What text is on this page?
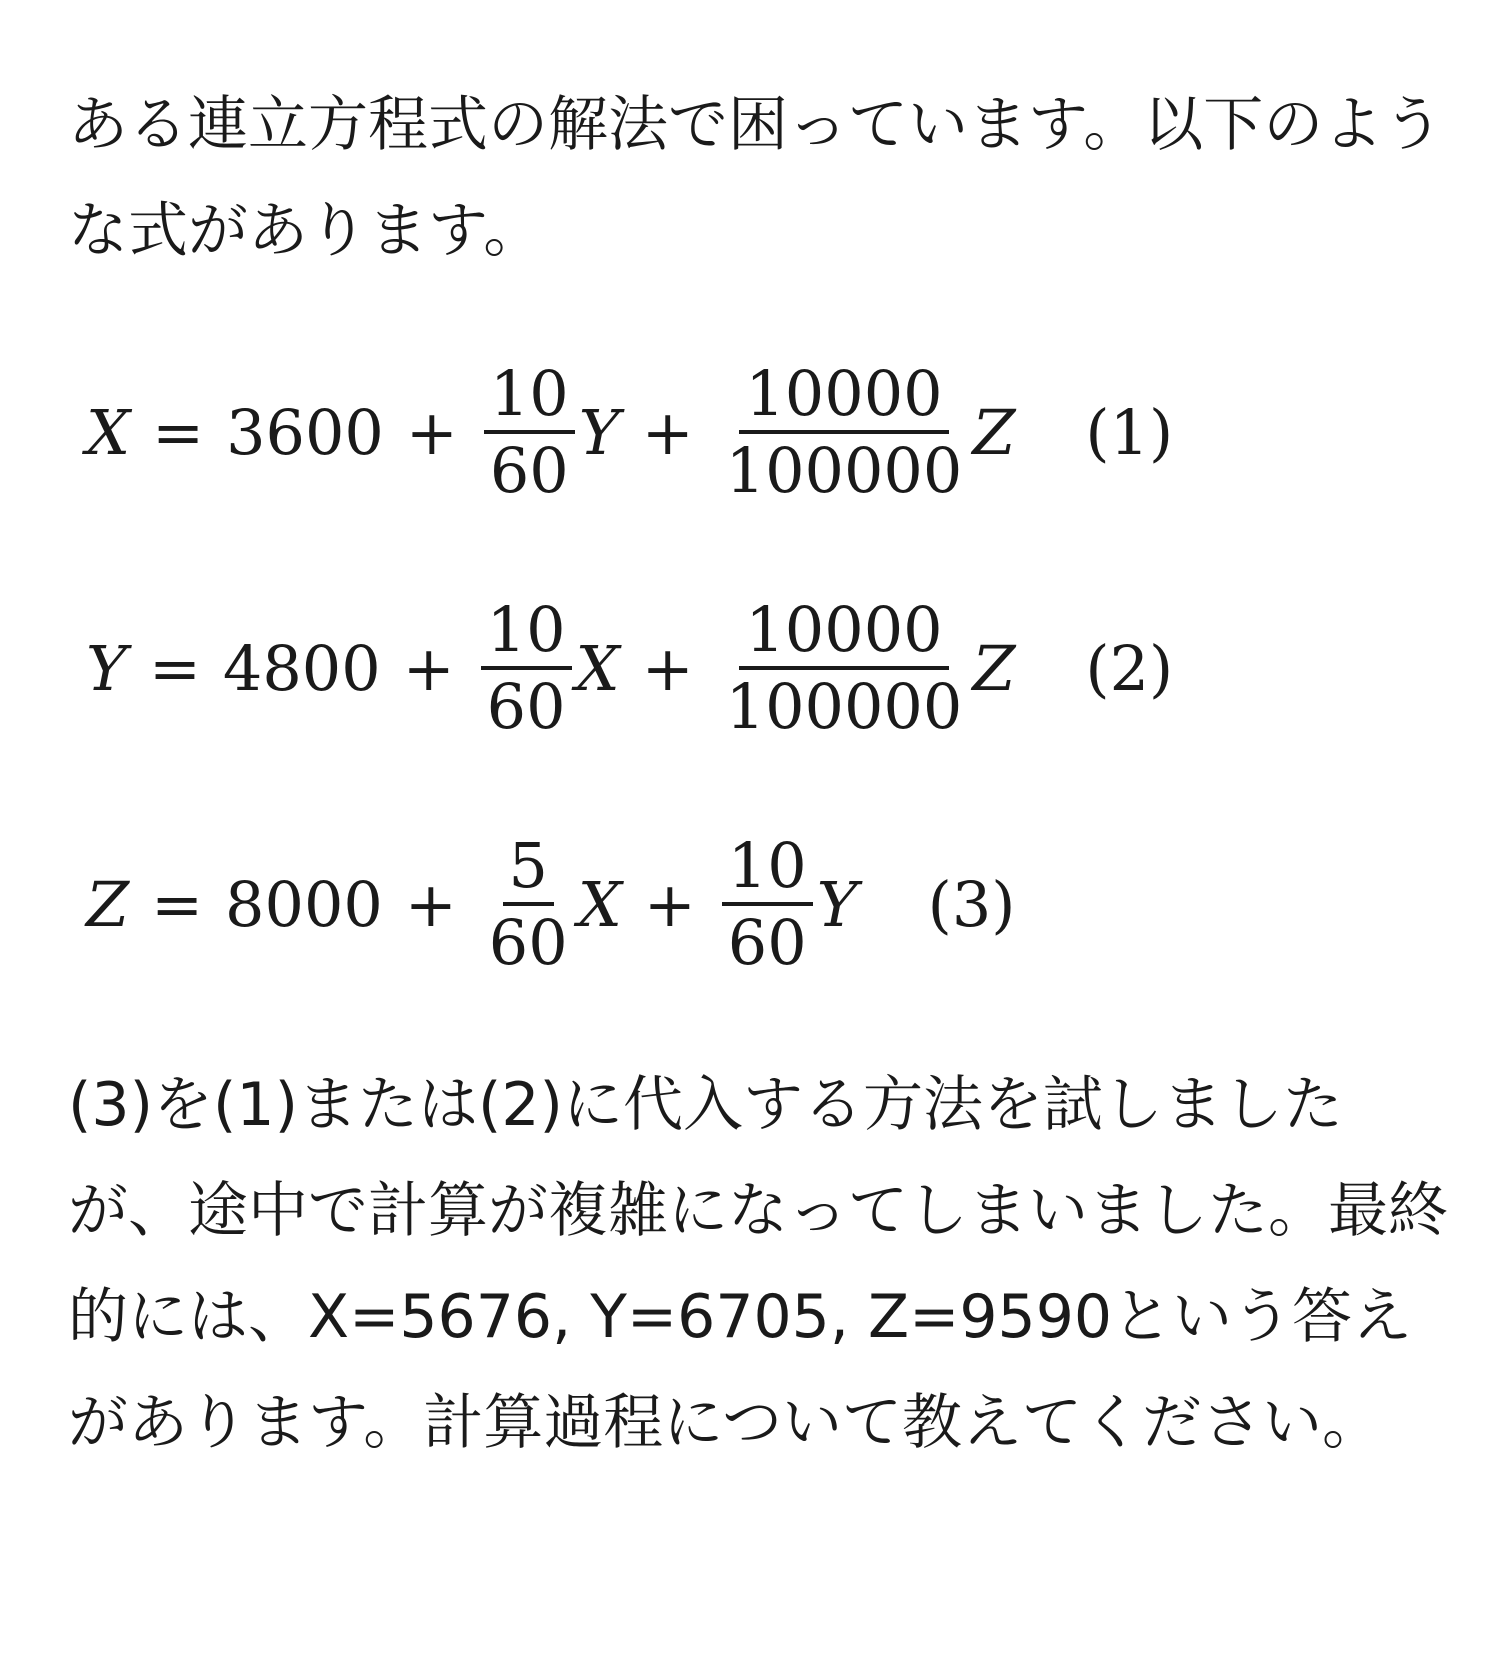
ある連立方程式の解法で困っています。以下のような式があります。

$X = 3600 + \frac{10}{60}$ $Y + \frac{10000}{100000}$ Z (1)
$Y = 4800 + \frac{10}{60}$ $X + \frac{10000}{100000}$ Z (2)
$Z = 8000 + \frac{5}{60}$ $X + \frac{10}{60}$ Y (3)

(3)を(1)または(2)に代入する方法を試しましたが、途中で計算が複雑になってしまいました。最終的には、X=5676, Y=6705, Z=9590という答えがあります。計算過程について教えてください。
